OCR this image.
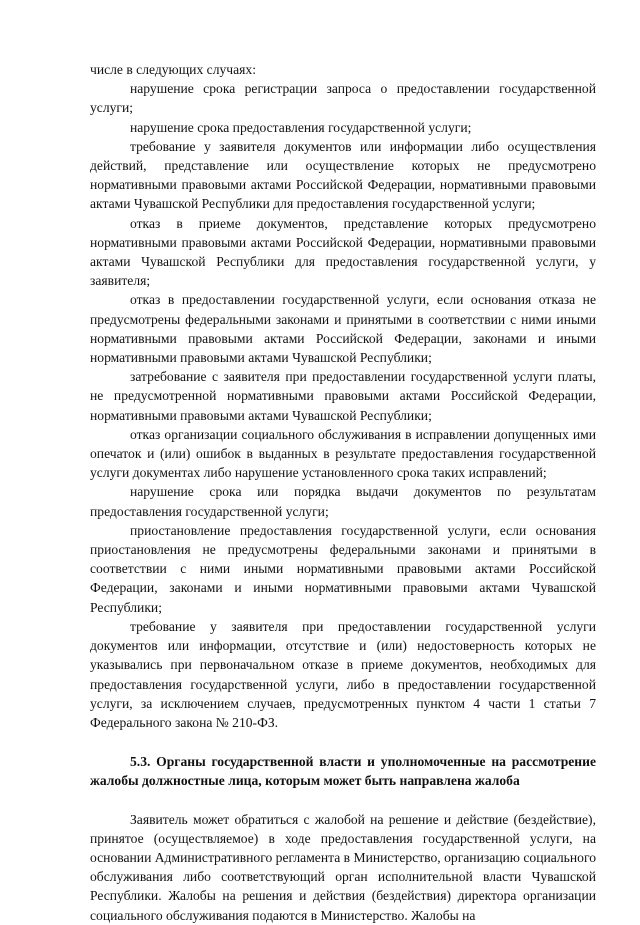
числе в следующих случаях:

нарушение срока регистрации запроса о предоставлении государственной услуги;

нарушение срока предоставления государственной услуги;

требование у заявителя документов или информации либо осуществления действий, представление или осуществление которых не предусмотрено нормативными правовыми актами Российской Федерации, нормативными правовыми актами Чувашской Республики для предоставления государственной услуги;

отказ в приеме документов, представление которых предусмотрено нормативными правовыми актами Российской Федерации, нормативными правовыми актами Чувашской Республики для предоставления государственной услуги, у заявителя;

отказ в предоставлении государственной услуги, если основания отказа не предусмотрены федеральными законами и принятыми в соответствии с ними иными нормативными правовыми актами Российской Федерации, законами и иными нормативными правовыми актами Чувашской Республики;

затребование с заявителя при предоставлении государственной услуги платы, не предусмотренной нормативными правовыми актами Российской Федерации, нормативными правовыми актами Чувашской Республики;

отказ организации социального обслуживания в исправлении допущенных ими опечаток и (или) ошибок в выданных в результате предоставления государственной услуги документах либо нарушение установленного срока таких исправлений;

нарушение срока или порядка выдачи документов по результатам предоставления государственной услуги;

приостановление предоставления государственной услуги, если основания приостановления не предусмотрены федеральными законами и принятыми в соответствии с ними иными нормативными правовыми актами Российской Федерации, законами и иными нормативными правовыми актами Чувашской Республики;

требование у заявителя при предоставлении государственной услуги документов или информации, отсутствие и (или) недостоверность которых не указывались при первоначальном отказе в приеме документов, необходимых для предоставления государственной услуги, либо в предоставлении государственной услуги, за исключением случаев, предусмотренных пунктом 4 части 1 статьи 7 Федерального закона № 210-ФЗ.

5.3. Органы государственной власти и уполномоченные на рассмотрение жалобы должностные лица, которым может быть направлена жалоба

Заявитель может обратиться с жалобой на решение и действие (бездействие), принятое (осуществляемое) в ходе предоставления государственной услуги, на основании Административного регламента в Министерство, организацию социального обслуживания либо соответствующий орган исполнительной власти Чувашской Республики. Жалобы на решения и действия (бездействия) директора организации социального обслуживания подаются в Министерство. Жалобы на
